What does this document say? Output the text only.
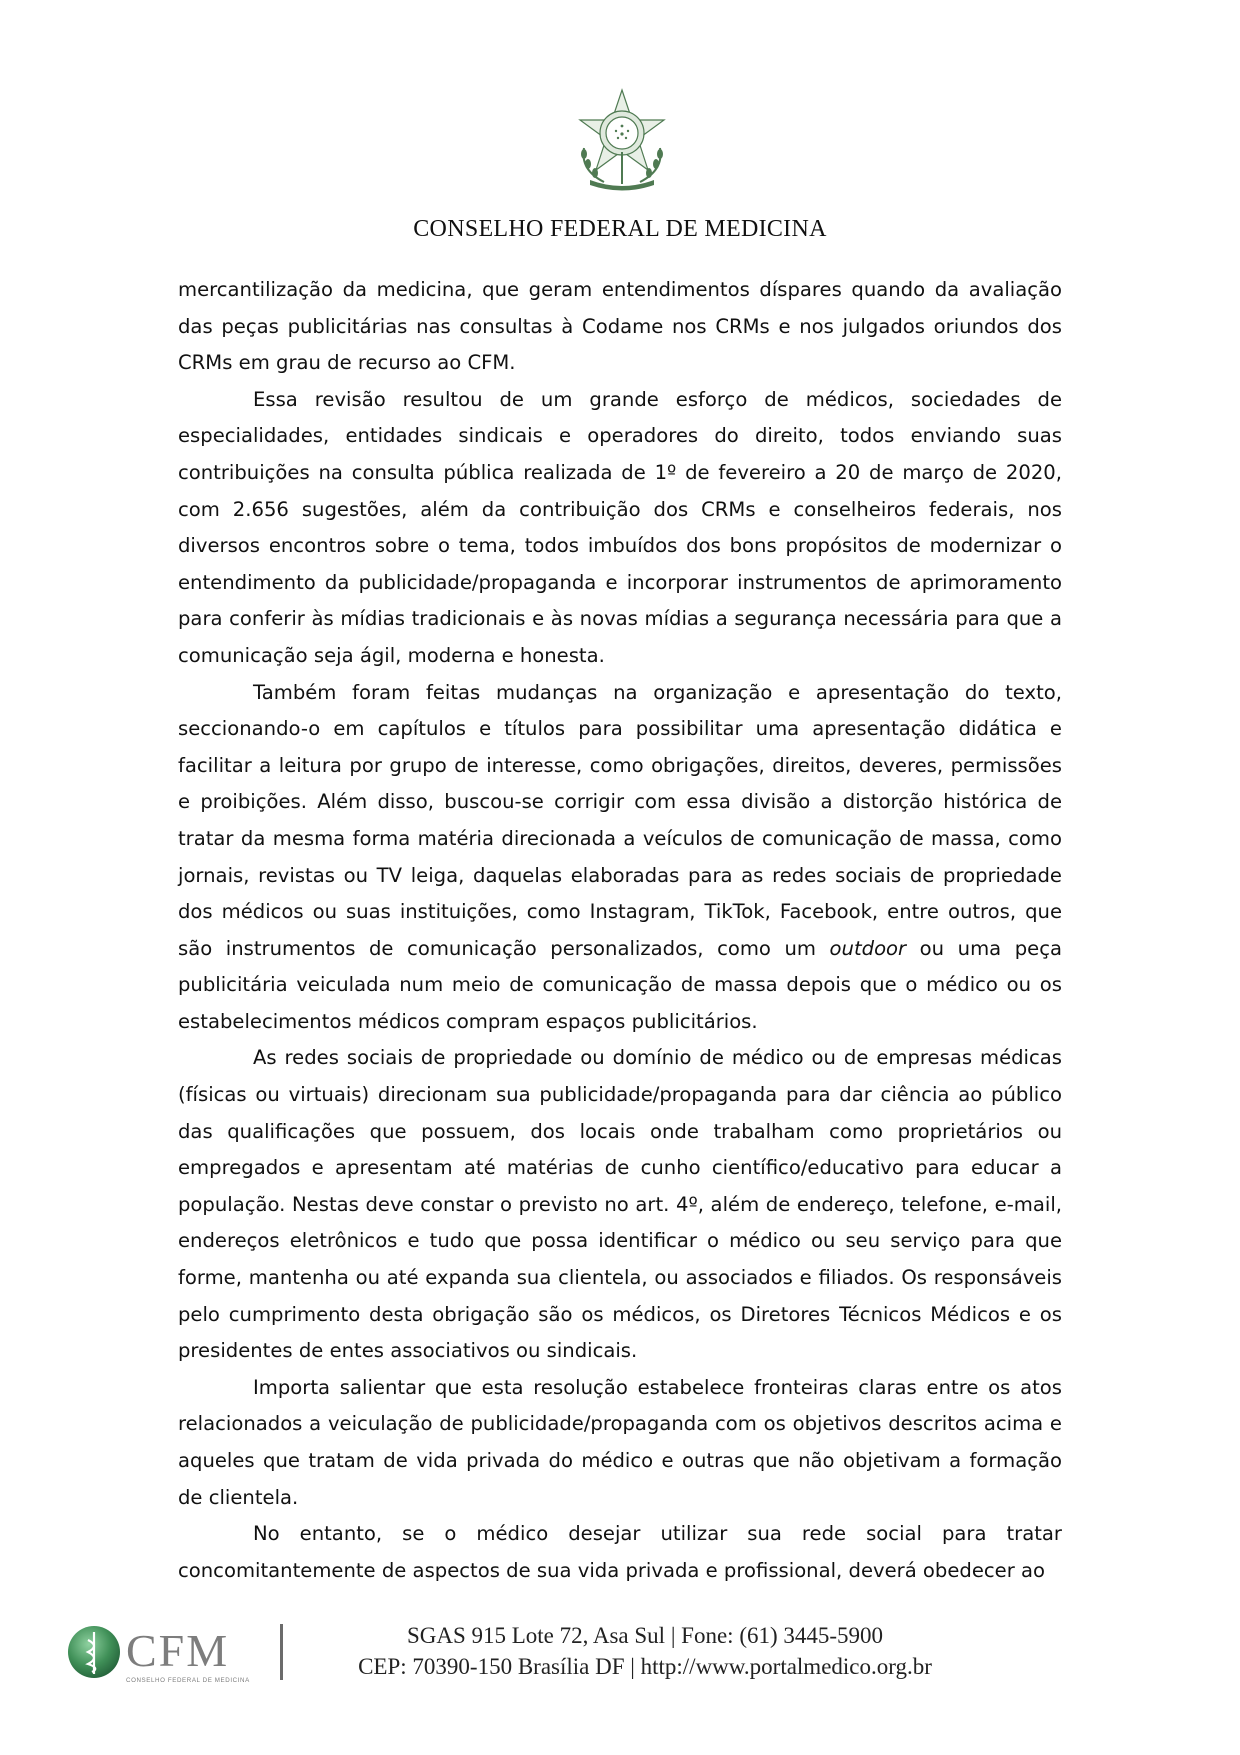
CONSELHO FEDERAL DE MEDICINA

mercantilização da medicina, que geram entendimentos díspares quando da avaliação das peças publicitárias nas consultas à Codame nos CRMs e nos julgados oriundos dos CRMs em grau de recurso ao CFM.

Essa revisão resultou de um grande esforço de médicos, sociedades de especialidades, entidades sindicais e operadores do direito, todos enviando suas contribuições na consulta pública realizada de 1º de fevereiro a 20 de março de 2020, com 2.656 sugestões, além da contribuição dos CRMs e conselheiros federais, nos diversos encontros sobre o tema, todos imbuídos dos bons propósitos de modernizar o entendimento da publicidade/propaganda e incorporar instrumentos de aprimoramento para conferir às mídias tradicionais e às novas mídias a segurança necessária para que a comunicação seja ágil, moderna e honesta.

Também foram feitas mudanças na organização e apresentação do texto, seccionando-o em capítulos e títulos para possibilitar uma apresentação didática e facilitar a leitura por grupo de interesse, como obrigações, direitos, deveres, permissões e proibições. Além disso, buscou-se corrigir com essa divisão a distorção histórica de tratar da mesma forma matéria direcionada a veículos de comunicação de massa, como jornais, revistas ou TV leiga, daquelas elaboradas para as redes sociais de propriedade dos médicos ou suas instituições, como Instagram, TikTok, Facebook, entre outros, que são instrumentos de comunicação personalizados, como um outdoor ou uma peça publicitária veiculada num meio de comunicação de massa depois que o médico ou os estabelecimentos médicos compram espaços publicitários.

As redes sociais de propriedade ou domínio de médico ou de empresas médicas (físicas ou virtuais) direcionam sua publicidade/propaganda para dar ciência ao público das qualificações que possuem, dos locais onde trabalham como proprietários ou empregados e apresentam até matérias de cunho científico/educativo para educar a população. Nestas deve constar o previsto no art. 4º, além de endereço, telefone, e-mail, endereços eletrônicos e tudo que possa identificar o médico ou seu serviço para que forme, mantenha ou até expanda sua clientela, ou associados e filiados. Os responsáveis pelo cumprimento desta obrigação são os médicos, os Diretores Técnicos Médicos e os presidentes de entes associativos ou sindicais.

Importa salientar que esta resolução estabelece fronteiras claras entre os atos relacionados a veiculação de publicidade/propaganda com os objetivos descritos acima e aqueles que tratam de vida privada do médico e outras que não objetivam a formação de clientela.

No entanto, se o médico desejar utilizar sua rede social para tratar concomitantemente de aspectos de sua vida privada e profissional, deverá obedecer ao

CFM
CONSELHO FEDERAL DE MEDICINA
SGAS 915 Lote 72, Asa Sul | Fone: (61) 3445-5900
CEP: 70390-150 Brasília DF | http://www.portalmedico.org.br
